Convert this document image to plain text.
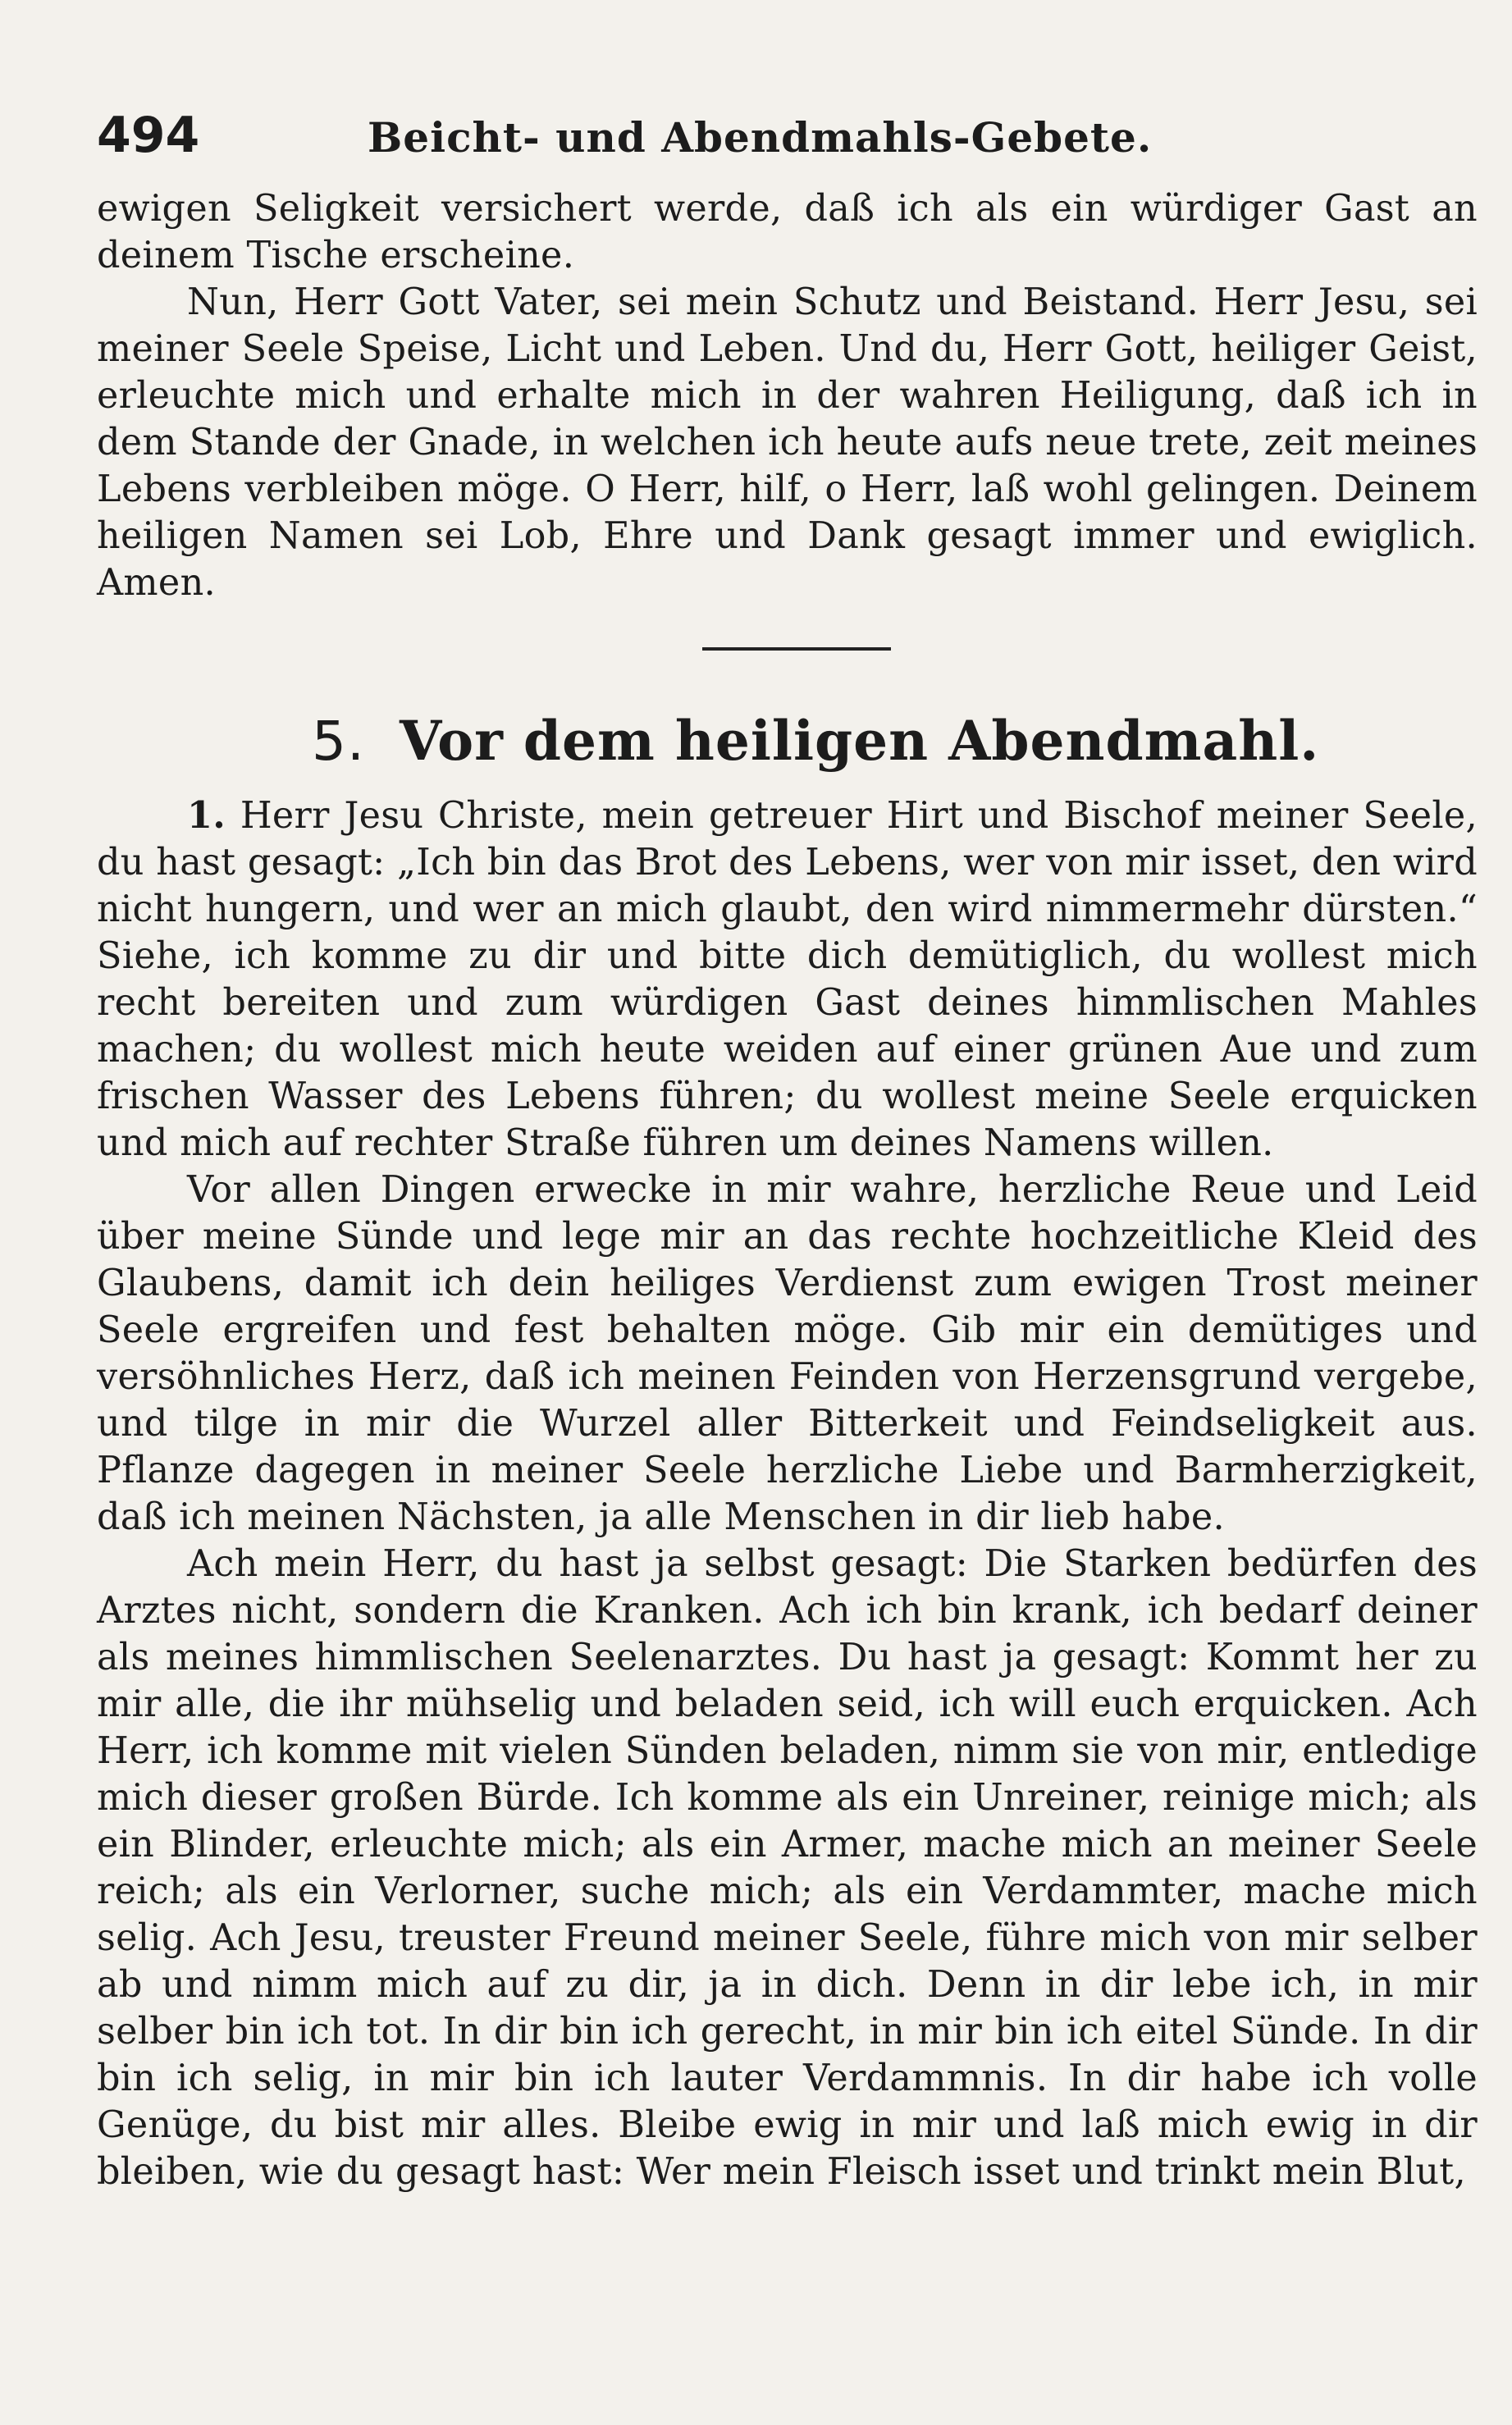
494	Beicht- und Abendmahls-Gebete.

ewigen Seligkeit versichert werde, daß ich als ein würdiger Gast an deinem Tische erscheine.

Nun, Herr Gott Vater, sei mein Schutz und Beistand. Herr Jesu, sei meiner Seele Speise, Licht und Leben. Und du, Herr Gott, heiliger Geist, erleuchte mich und erhalte mich in der wahren Heiligung, daß ich in dem Stande der Gnade, in welchen ich heute aufs neue trete, zeit meines Lebens verbleiben möge. O Herr, hilf, o Herr, laß wohl gelingen. Deinem heiligen Namen sei Lob, Ehre und Dank gesagt immer und ewiglich. Amen.

5. Vor dem heiligen Abendmahl.

1. Herr Jesu Christe, mein getreuer Hirt und Bischof meiner Seele, du hast gesagt: „Ich bin das Brot des Lebens, wer von mir isset, den wird nicht hungern, und wer an mich glaubt, den wird nimmermehr dürsten.“ Siehe, ich komme zu dir und bitte dich demütiglich, du wollest mich recht bereiten und zum würdigen Gast deines himmlischen Mahles machen; du wollest mich heute weiden auf einer grünen Aue und zum frischen Wasser des Lebens führen; du wollest meine Seele erquicken und mich auf rechter Straße führen um deines Namens willen.

Vor allen Dingen erwecke in mir wahre, herzliche Reue und Leid über meine Sünde und lege mir an das rechte hochzeitliche Kleid des Glaubens, damit ich dein heiliges Verdienst zum ewigen Trost meiner Seele ergreifen und fest behalten möge. Gib mir ein demütiges und versöhnliches Herz, daß ich meinen Feinden von Herzensgrund vergebe, und tilge in mir die Wurzel aller Bitterkeit und Feindseligkeit aus. Pflanze dagegen in meiner Seele herzliche Liebe und Barmherzigkeit, daß ich meinen Nächsten, ja alle Menschen in dir lieb habe.

Ach mein Herr, du hast ja selbst gesagt: Die Starken bedürfen des Arztes nicht, sondern die Kranken. Ach ich bin krank, ich bedarf deiner als meines himmlischen Seelenarztes. Du hast ja gesagt: Kommt her zu mir alle, die ihr mühselig und beladen seid, ich will euch erquicken. Ach Herr, ich komme mit vielen Sünden beladen, nimm sie von mir, entledige mich dieser großen Bürde. Ich komme als ein Unreiner, reinige mich; als ein Blinder, erleuchte mich; als ein Armer, mache mich an meiner Seele reich; als ein Verlorner, suche mich; als ein Verdammter, mache mich selig. Ach Jesu, treuster Freund meiner Seele, führe mich von mir selber ab und nimm mich auf zu dir, ja in dich. Denn in dir lebe ich, in mir selber bin ich tot. In dir bin ich gerecht, in mir bin ich eitel Sünde. In dir bin ich selig, in mir bin ich lauter Verdammnis. In dir habe ich volle Genüge, du bist mir alles. Bleibe ewig in mir und laß mich ewig in dir bleiben, wie du gesagt hast: Wer mein Fleisch isset und trinkt mein Blut,
